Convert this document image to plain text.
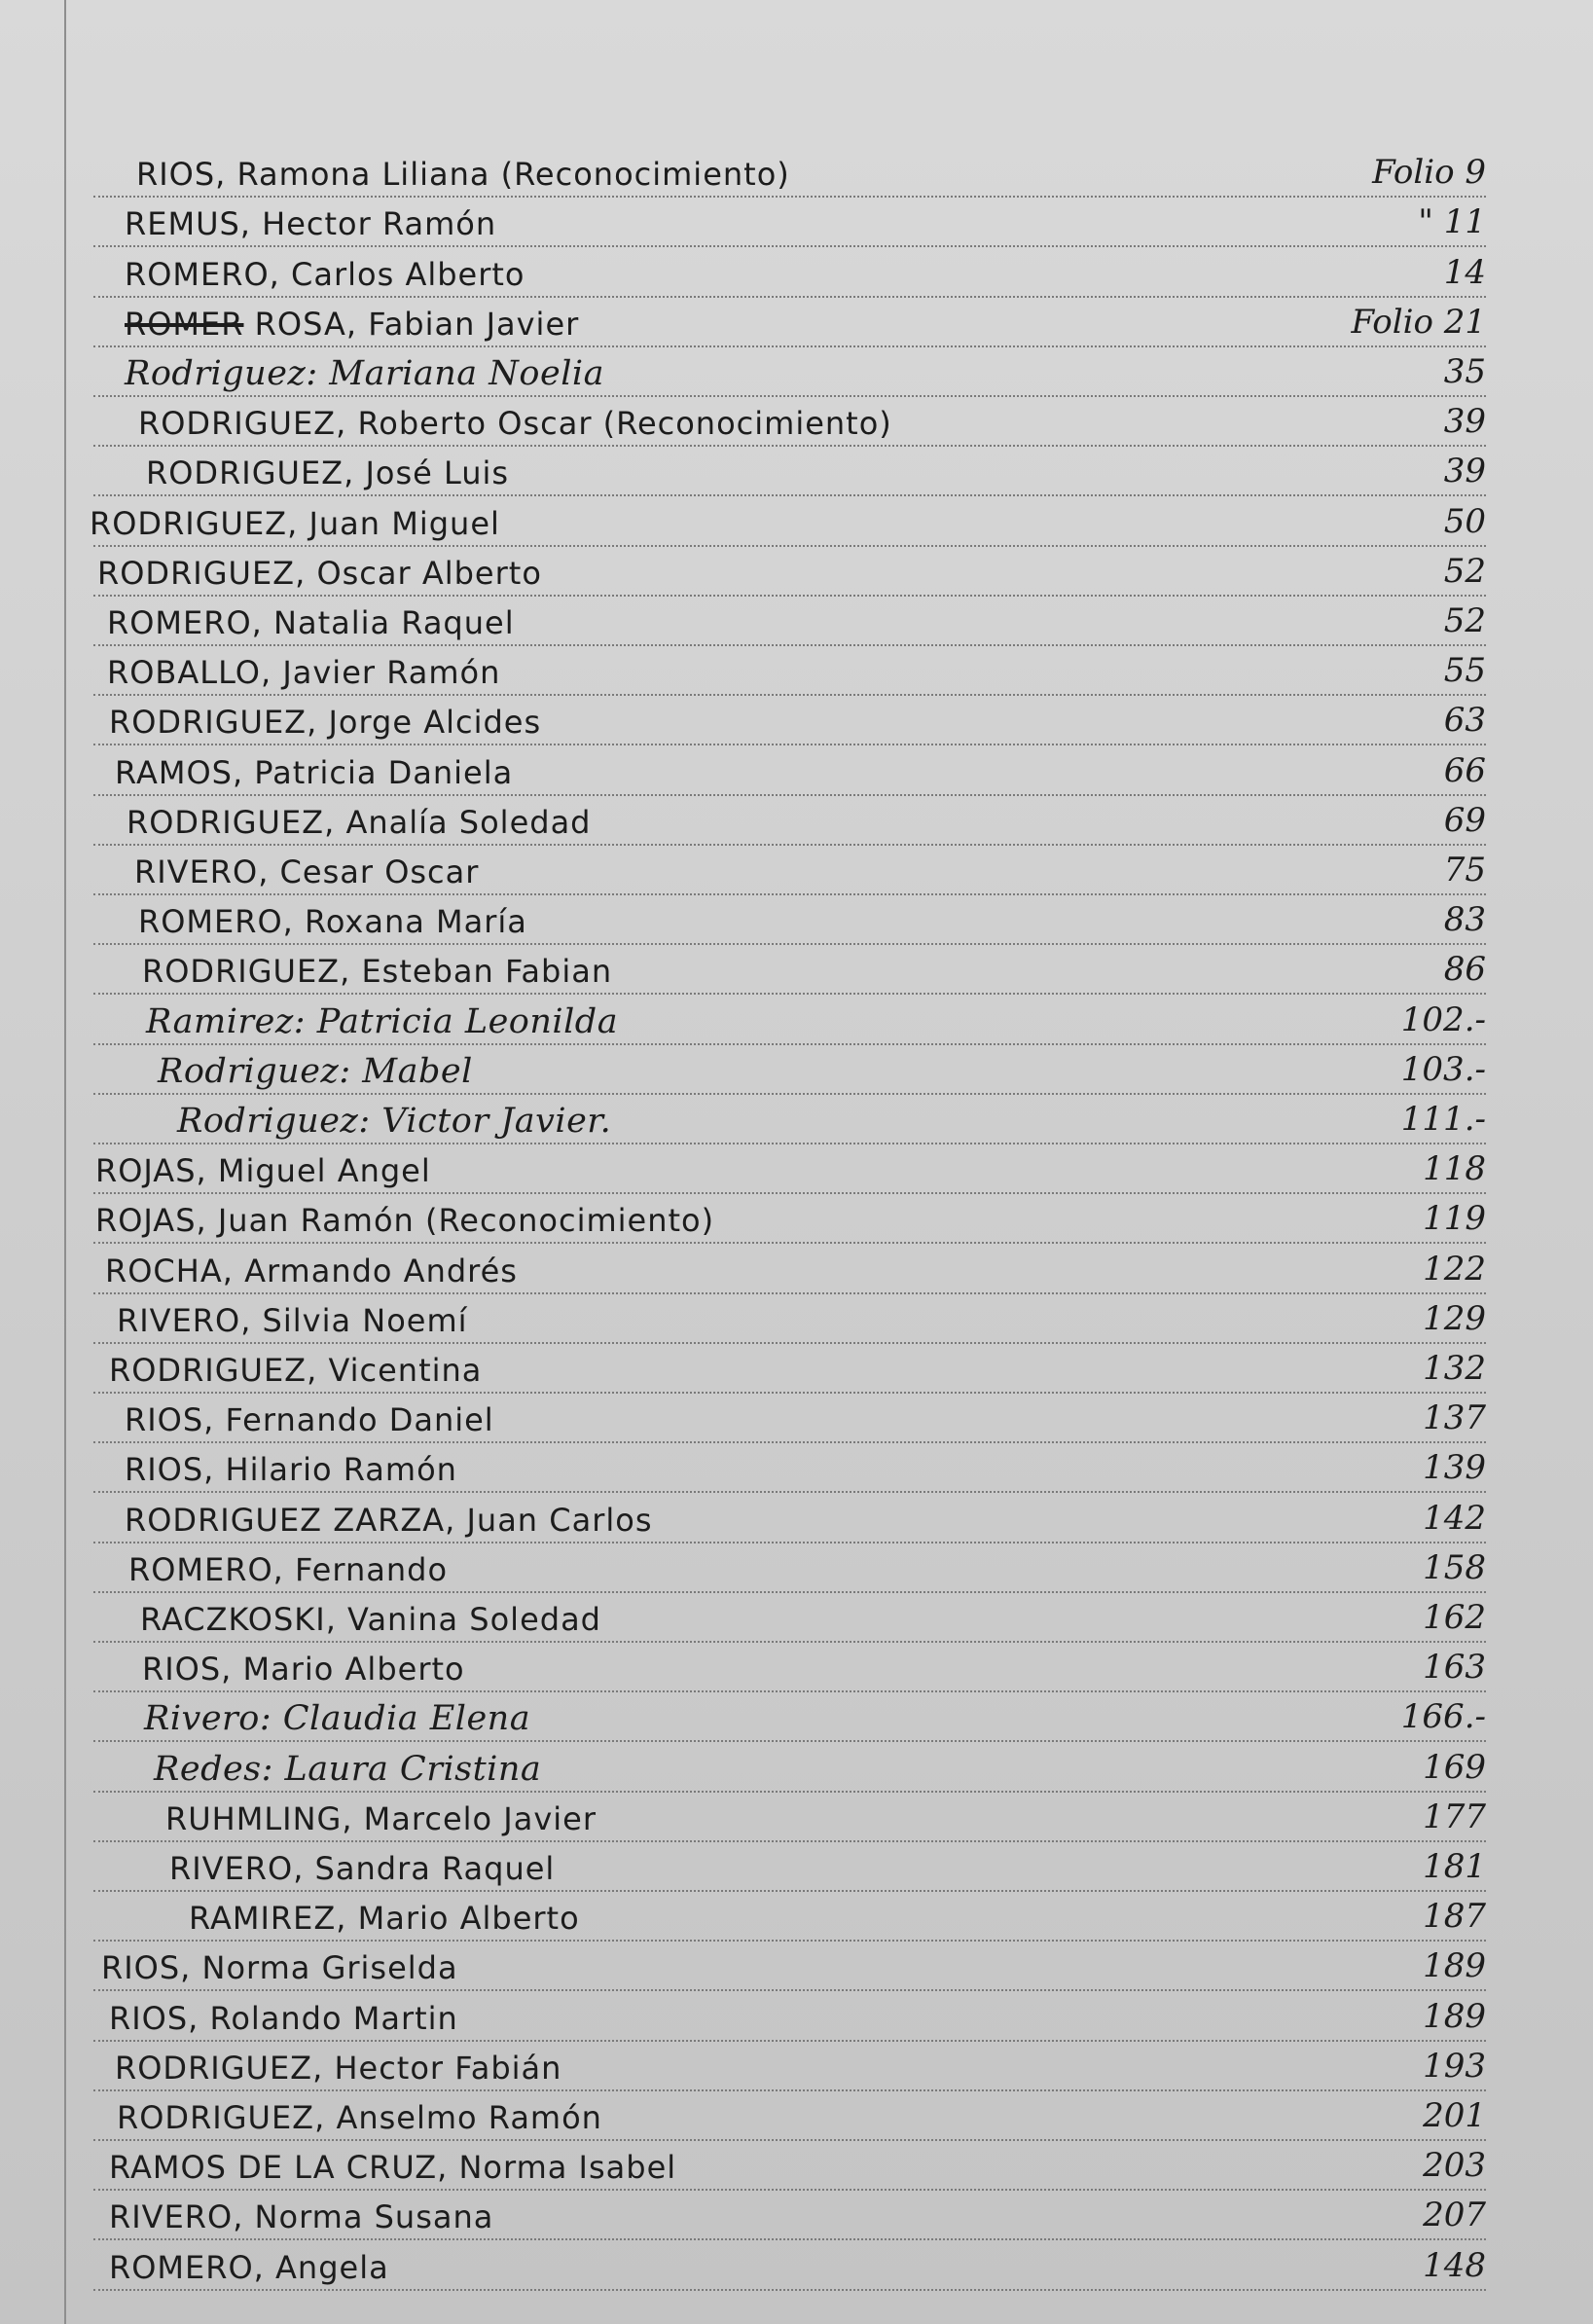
RIOS, Ramona Liliana (Reconocimiento)	Folio 9
REMUS, Hector Ramón	" 11
ROMERO, Carlos Alberto	14
ROMER ROSA, Fabian Javier	Folio 21
Rodriguez: Mariana Noelia	35
RODRIGUEZ, Roberto Oscar (Reconocimiento)	39
RODRIGUEZ, José Luis	39
RODRIGUEZ, Juan Miguel	50
RODRIGUEZ, Oscar Alberto	52
ROMERO, Natalia Raquel	52
ROBALLO, Javier Ramón	55
RODRIGUEZ, Jorge Alcides	63
RAMOS, Patricia Daniela	66
RODRIGUEZ, Analía Soledad	69
RIVERO, Cesar Oscar	75
ROMERO, Roxana María	83
RODRIGUEZ, Esteban Fabian	86
Ramirez: Patricia Leonilda	102.-
Rodriguez: Mabel	103.-
Rodriguez: Victor Javier.	111.-
ROJAS, Miguel Angel	118
ROJAS, Juan Ramón (Reconocimiento)	119
ROCHA, Armando Andrés	122
RIVERO, Silvia Noemí	129
RODRIGUEZ, Vicentina	132
RIOS, Fernando Daniel	137
RIOS, Hilario Ramón	139
RODRIGUEZ ZARZA, Juan Carlos	142
ROMERO, Fernando	158
RACZKOSKI, Vanina Soledad	162
RIOS, Mario Alberto	163
Rivero: Claudia Elena	166.-
Redes: Laura Cristina	169
RUHMLING, Marcelo Javier	177
RIVERO, Sandra Raquel	181
RAMIREZ, Mario Alberto	187
RIOS, Norma Griselda	189
RIOS, Rolando Martin	189
RODRIGUEZ, Hector Fabián	193
RODRIGUEZ, Anselmo Ramón	201
RAMOS DE LA CRUZ, Norma Isabel	203
RIVERO, Norma Susana	207
ROMERO, Angela	148
